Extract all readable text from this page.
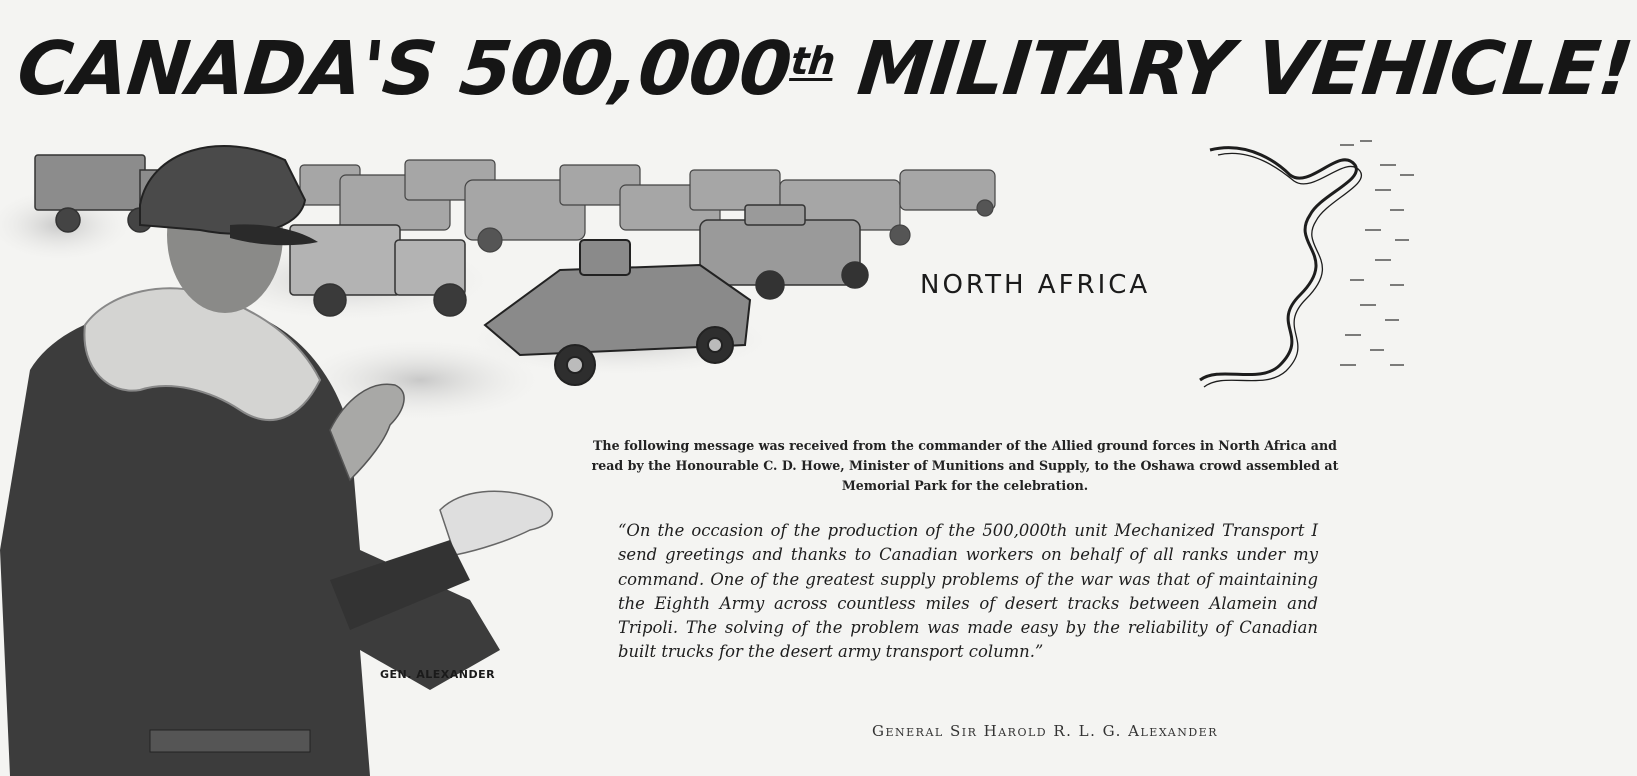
CANADA'S 500,000th MILITARY VEHICLE!
NORTH AFRICA
GEN. ALEXANDER
The following message was received from the commander of the Allied ground forces in North Africa and read by the Honourable C. D. Howe, Minister of Munitions and Supply, to the Oshawa crowd assembled at Memorial Park for the celebration.
“On the occasion of the production of the 500,000th unit Mechanized Transport I send greetings and thanks to Canadian workers on behalf of all ranks under my command. One of the greatest supply problems of the war was that of maintaining the Eighth Army across countless miles of desert tracks between Alamein and Tripoli. The solving of the problem was made easy by the reliability of Canadian built trucks for the desert army transport column.”
General Sir Harold R. L. G. Alexander
